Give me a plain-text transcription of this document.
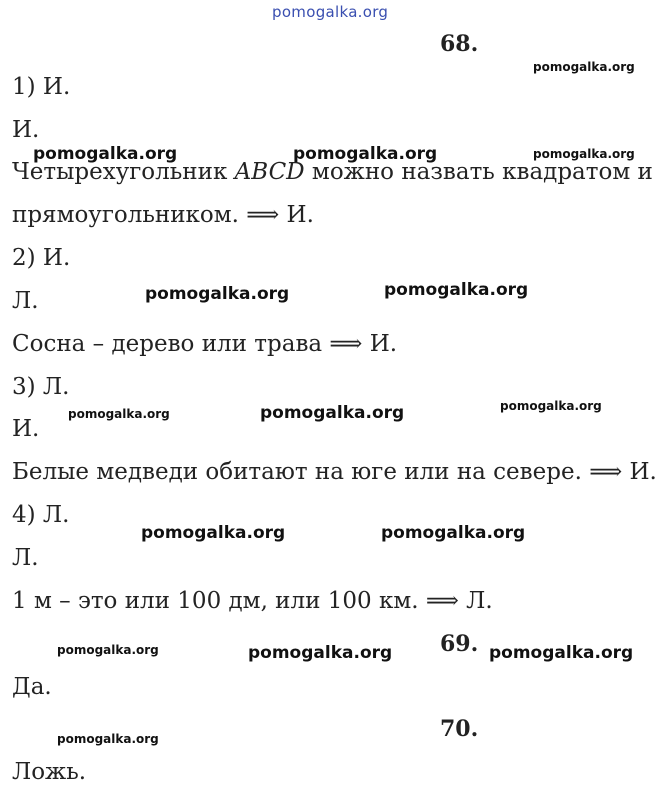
pomogalka.org
68.
pomogalka.org
1) И.
И.
pomogalka.org	pomogalka.org	pomogalka.org
Четырехугольник ABCD можно назвать квадратом и
прямоугольником. ⟹ И.
2) И.
Л.	pomogalka.org	pomogalka.org
Сосна – дерево или трава ⟹ И.
3) Л.
pomogalka.org	pomogalka.org	pomogalka.org
И.
Белые медведи обитают на юге или на севере. ⟹ И.
4) Л.
pomogalka.org	pomogalka.org
Л.
1 м – это или 100 дм, или 100 км. ⟹ Л.
69.
pomogalka.org	pomogalka.org	pomogalka.org
Да.
70.
pomogalka.org
Ложь.
